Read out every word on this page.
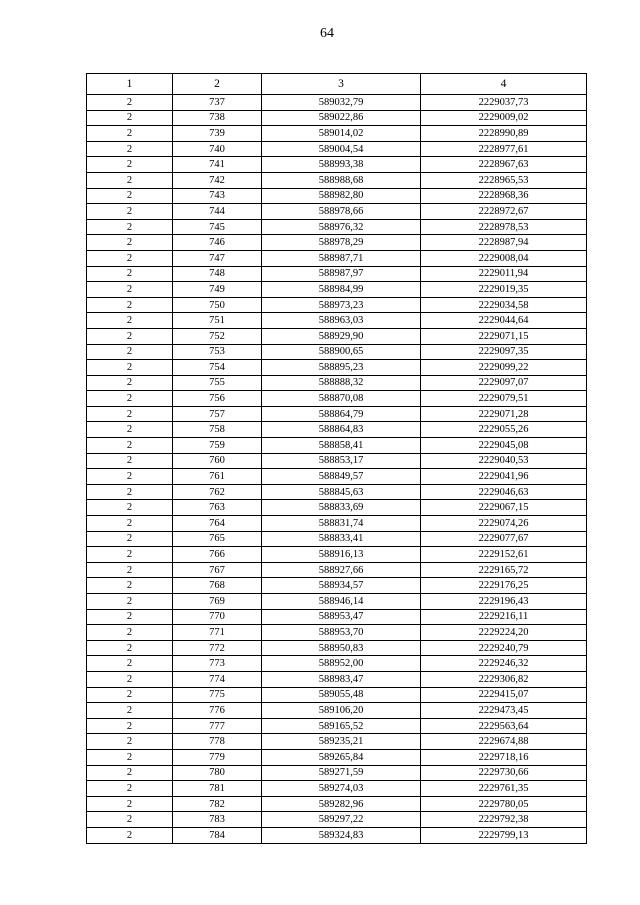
64
1	2	3	4
2	737	589032,79	2229037,73
2	738	589022,86	2229009,02
2	739	589014,02	2228990,89
2	740	589004,54	2228977,61
2	741	588993,38	2228967,63
2	742	588988,68	2228965,53
2	743	588982,80	2228968,36
2	744	588978,66	2228972,67
2	745	588976,32	2228978,53
2	746	588978,29	2228987,94
2	747	588987,71	2229008,04
2	748	588987,97	2229011,94
2	749	588984,99	2229019,35
2	750	588973,23	2229034,58
2	751	588963,03	2229044,64
2	752	588929,90	2229071,15
2	753	588900,65	2229097,35
2	754	588895,23	2229099,22
2	755	588888,32	2229097,07
2	756	588870,08	2229079,51
2	757	588864,79	2229071,28
2	758	588864,83	2229055,26
2	759	588858,41	2229045,08
2	760	588853,17	2229040,53
2	761	588849,57	2229041,96
2	762	588845,63	2229046,63
2	763	588833,69	2229067,15
2	764	588831,74	2229074,26
2	765	588833,41	2229077,67
2	766	588916,13	2229152,61
2	767	588927,66	2229165,72
2	768	588934,57	2229176,25
2	769	588946,14	2229196,43
2	770	588953,47	2229216,11
2	771	588953,70	2229224,20
2	772	588950,83	2229240,79
2	773	588952,00	2229246,32
2	774	588983,47	2229306,82
2	775	589055,48	2229415,07
2	776	589106,20	2229473,45
2	777	589165,52	2229563,64
2	778	589235,21	2229674,88
2	779	589265,84	2229718,16
2	780	589271,59	2229730,66
2	781	589274,03	2229761,35
2	782	589282,96	2229780,05
2	783	589297,22	2229792,38
2	784	589324,83	2229799,13
